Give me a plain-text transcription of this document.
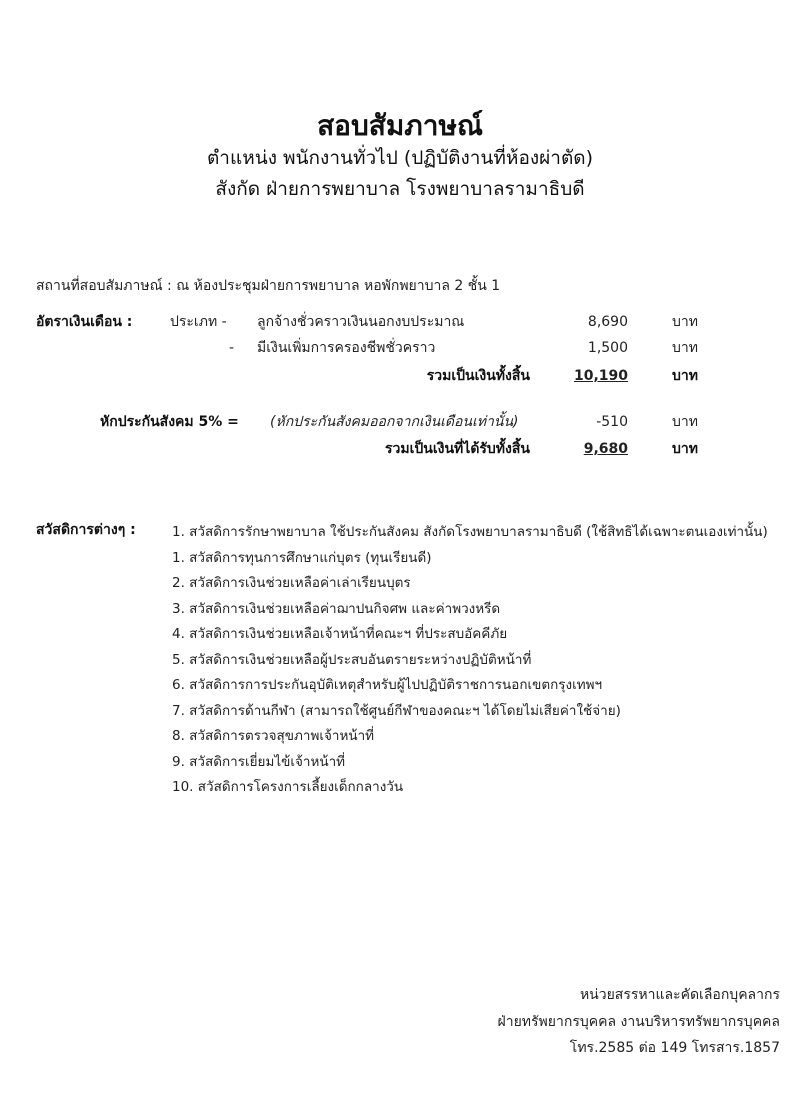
สอบสัมภาษณ์
ตำแหน่ง พนักงานทั่วไป (ปฏิบัติงานที่ห้องผ่าตัด)
สังกัด ฝ่ายการพยาบาล โรงพยาบาลรามาธิบดี
สถานที่สอบสัมภาษณ์ : ณ ห้องประชุมฝ่ายการพยาบาล หอพักพยาบาล 2 ชั้น 1
อัตราเงินเดือน :	ประเภท - ลูกจ้างชั่วคราวเงินนอกงบประมาณ	8,690	บาท
- มีเงินเพิ่มการครองชีพชั่วคราว	1,500	บาท
รวมเป็นเงินทั้งสิ้น	10,190	บาท
หักประกันสังคม 5% = (หักประกันสังคมออกจากเงินเดือนเท่านั้น)	-510	บาท
รวมเป็นเงินที่ได้รับทั้งสิ้น	9,680	บาท
สวัสดิการต่างๆ :	1. สวัสดิการรักษาพยาบาล ใช้ประกันสังคม สังกัดโรงพยาบาลรามาธิบดี (ใช้สิทธิได้เฉพาะตนเองเท่านั้น)
1. สวัสดิการทุนการศึกษาแก่บุตร (ทุนเรียนดี)
2. สวัสดิการเงินช่วยเหลือค่าเล่าเรียนบุตร
3. สวัสดิการเงินช่วยเหลือค่าฌาปนกิจศพ และค่าพวงหรีด
4. สวัสดิการเงินช่วยเหลือเจ้าหน้าที่คณะฯ ที่ประสบอัคคีภัย
5. สวัสดิการเงินช่วยเหลือผู้ประสบอันตรายระหว่างปฏิบัติหน้าที่
6. สวัสดิการการประกันอุบัติเหตุสำหรับผู้ไปปฏิบัติราชการนอกเขตกรุงเทพฯ
7. สวัสดิการด้านกีฬา (สามารถใช้ศูนย์กีฬาของคณะฯ ได้โดยไม่เสียค่าใช้จ่าย)
8. สวัสดิการตรวจสุขภาพเจ้าหน้าที่
9. สวัสดิการเยี่ยมไข้เจ้าหน้าที่
10. สวัสดิการโครงการเลี้ยงเด็กกลางวัน
หน่วยสรรหาและคัดเลือกบุคลากร
ฝ่ายทรัพยากรบุคคล งานบริหารทรัพยากรบุคคล
โทร.2585 ต่อ 149 โทรสาร.1857
